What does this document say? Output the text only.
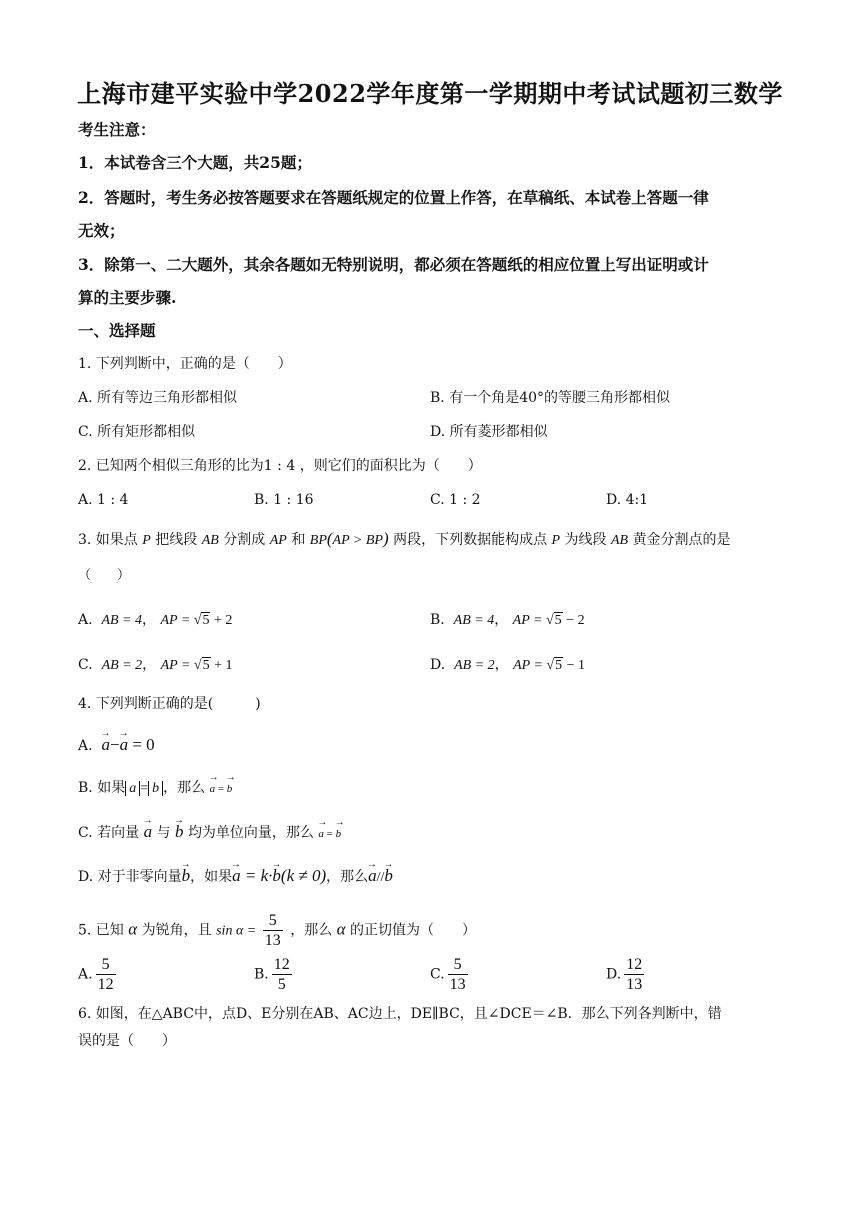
上海市建平实验中学2022学年度第一学期期中考试试题初三数学
考生注意：
1．本试卷含三个大题，共25题；
2．答题时，考生务必按答题要求在答题纸规定的位置上作答，在草稿纸、本试卷上答题一律
无效；
3．除第一、二大题外，其余各题如无特别说明，都必须在答题纸的相应位置上写出证明或计
算的主要步骤.
一、选择题
1. 下列判断中，正确的是（　　）
A. 所有等边三角形都相似	B. 有一个角是40°的等腰三角形都相似
C. 所有矩形都相似	D. 所有菱形都相似
2. 已知两个相似三角形的比为1 : 4 ，则它们的面积比为（　　）
A. 1 : 4	B. 1 : 16	C. 1 : 2	D. 4:1
3. 如果点 P 把线段 AB 分割成 AP 和 BP(AP > BP) 两段，下列数据能构成点 P 为线段 AB 黄金分割点的是
（　　）
A. AB = 4， AP = √5 + 2	B. AB = 4， AP = √5 − 2
C. AB = 2， AP = √5 + 1	D. AB = 2， AP = √5 − 1
4. 下列判断正确的是(　　　)
A. → a−→ a = 0
B. 如果 a = b ，那么 → a = → b
C. 若向量 → a 与 → b 均为单位向量，那么 → a = → b
D. 对于非零向量→ b，如果→ a = k·→ b(k ≠ 0)，那么→ a//→ b
5. 已知 α 为锐角，且 $\sin \alpha = \frac{5}{13}$ ，那么 α 的正切值为（　　）
A. $\frac{5}{12}$	B. $\frac{12}{5}$	C. $\frac{5}{13}$	D. $\frac{12}{13}$
6. 如图，在△ABC中，点D、E分别在AB、AC边上，DE∥BC，且∠DCE＝∠B．那么下列各判断中，错
误的是（　　）
